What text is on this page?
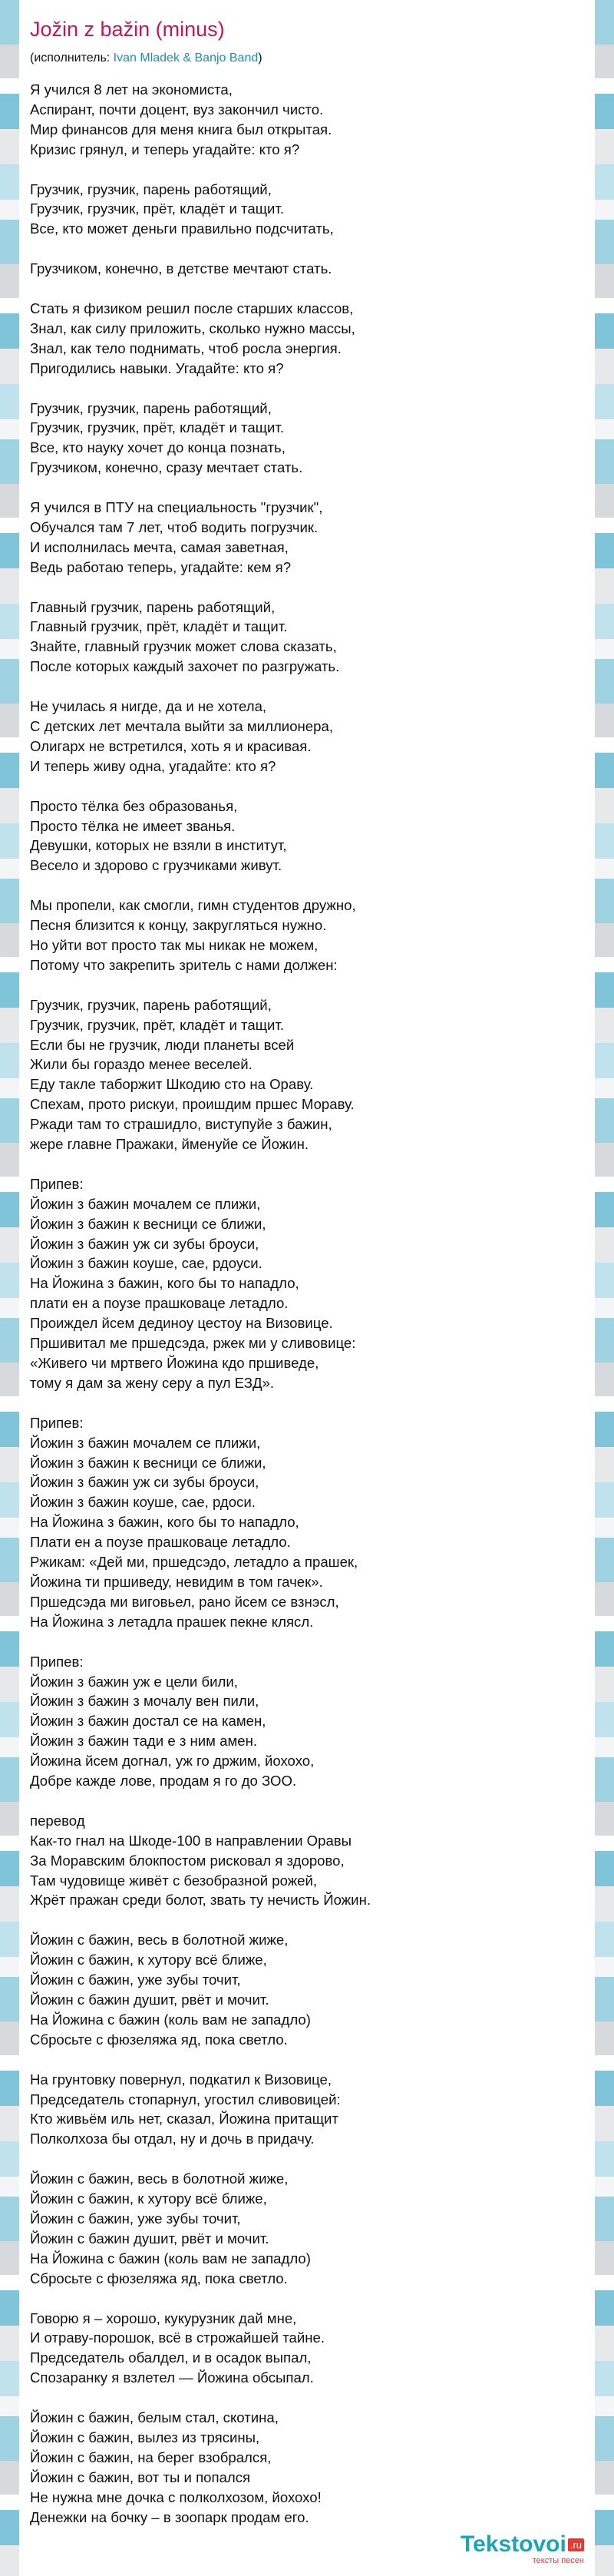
Jožin z bažin (minus)
(исполнитель: Ivan Mladek & Banjo Band)
Я учился 8 лет на экономиста,
Аспирант, почти доцент, вуз закончил чисто.
Мир финансов для меня книга был открытая.
Кризис грянул, и теперь угадайте: кто я?

Грузчик, грузчик, парень работящий,
Грузчик, грузчик, прёт, кладёт и тащит.
Все, кто может деньги правильно подсчитать,

Грузчиком, конечно, в детстве мечтают стать.

Стать я физиком решил после старших классов,
Знал, как силу приложить, сколько нужно массы,
Знал, как тело поднимать, чтоб росла энергия.
Пригодились навыки. Угадайте: кто я?

Грузчик, грузчик, парень работящий,
Грузчик, грузчик, прёт, кладёт и тащит.
Все, кто науку хочет до конца познать,
Грузчиком, конечно, сразу мечтает стать.

Я учился в ПТУ на специальность "грузчик",
Обучался там 7 лет, чтоб водить погрузчик.
И исполнилась мечта, самая заветная,
Ведь работаю теперь, угадайте: кем я?

Главный грузчик, парень работящий,
Главный грузчик, прёт, кладёт и тащит.
Знайте, главный грузчик может слова сказать,
После которых каждый захочет по разгружать.

Не училась я нигде, да и не хотела,
С детских лет мечтала выйти за миллионера,
Олигарх не встретился, хоть я и красивая.
И теперь живу одна, угадайте: кто я?

Просто тёлка без образованья,
Просто тёлка не имеет званья.
Девушки, которых не взяли в институт,
Весело и здорово с грузчиками живут.

Мы пропели, как смогли, гимн студентов дружно,
Песня близится к концу, закругляться нужно.
Но уйти вот просто так мы никак не можем,
Потому что закрепить зритель с нами должен:

Грузчик, грузчик, парень работящий,
Грузчик, грузчик, прёт, кладёт и тащит.
Если бы не грузчик, люди планеты всей
Жили бы гораздо менее веселей.
Еду такле таборжит Шкодию сто на Ораву.
Спехам, прото рискуи, проишдим пршес Мораву.
Ржади там то страшидло, виступуйе з бажин,
жере главне Пражаки, йменуйе се Йожин.

Припев:
Йожин з бажин мочалем се плижи,
Йожин з бажин к весници се ближи,
Йожин з бажин уж си зубы броуси,
Йожин з бажин коуше, сае, рдоуси.
На Йожина з бажин, кого бы то нападло,
плати ен а поузе прашковаце летадло.
Проиждел йсем дединоу цестоу на Визовице.
Пршивитал ме пршедсэда, ржек ми у сливовице:
«Живего чи мртвего Йожина кдо пршиведе,
тому я дам за жену серу а пул ЕЗД».

Припев:
Йожин з бажин мочалем се плижи,
Йожин з бажин к весници се ближи,
Йожин з бажин уж си зубы броуси,
Йожин з бажин коуше, сае, рдоси.
На Йожина з бажин, кого бы то нападло,
Плати ен а поузе прашковаце летадло.
Ржикам: «Дей ми, пршедсэдо, летадло а прашек,
Йожина ти пршиведу, невидим в том гачек».
Пршедсэда ми виговьел, рано йсем се взнэсл,
На Йожина з летадла прашек пекне клясл.

Припев:
Йожин з бажин уж е цели били,
Йожин з бажин з мочалу вен пили,
Йожин з бажин достал се на камен,
Йожин з бажин тади е з ним амен.
Йожина йсем догнал, уж го држим, йохохо,
Добре каждe лове, продам я го до ЗОО.

перевод
Как-то гнал на Шкоде-100 в направлении Оравы
За Моравским блокпостом рисковал я здорово,
Там чудовище живёт с безобразной рожей,
Жрёт пражан среди болот, звать ту нечисть Йожин.

Йожин с бажин, весь в болотной жиже,
Йожин с бажин, к хутору всё ближе,
Йожин с бажин, уже зубы точит,
Йожин с бажин душит, рвёт и мочит.
На Йожина с бажин (коль вам не западло)
Сбросьте с фюзеляжа яд, пока светло.

На грунтовку повернул, подкатил к Визовице,
Председатель стопарнул, угостил сливовицей:
Кто живьём иль нет, сказал, Йожина притащит
Полколхоза бы отдал, ну и дочь в придачу.

Йожин с бажин, весь в болотной жиже,
Йожин с бажин, к хутору всё ближе,
Йожин с бажин, уже зубы точит,
Йожин с бажин душит, рвёт и мочит.
На Йожина с бажин (коль вам не западло)
Сбросьте с фюзеляжа яд, пока светло.

Говорю я – хорошо, кукурузник дай мне,
И отраву-порошок, всё в строжайшей тайне.
Председатель обалдел, и в осадок выпал,
Спозаранку я взлетел — Йожина обсыпал.

Йожин с бажин, белым стал, скотина,
Йожин с бажин, вылез из трясины,
Йожин с бажин, на берег взобрался,
Йожин с бажин, вот ты и попался
Не нужна мне дочка с полколхозом, йохохо!
Денежки на бочку – в зоопарк продам его.

Tekstovoi .ru
тексты песен
